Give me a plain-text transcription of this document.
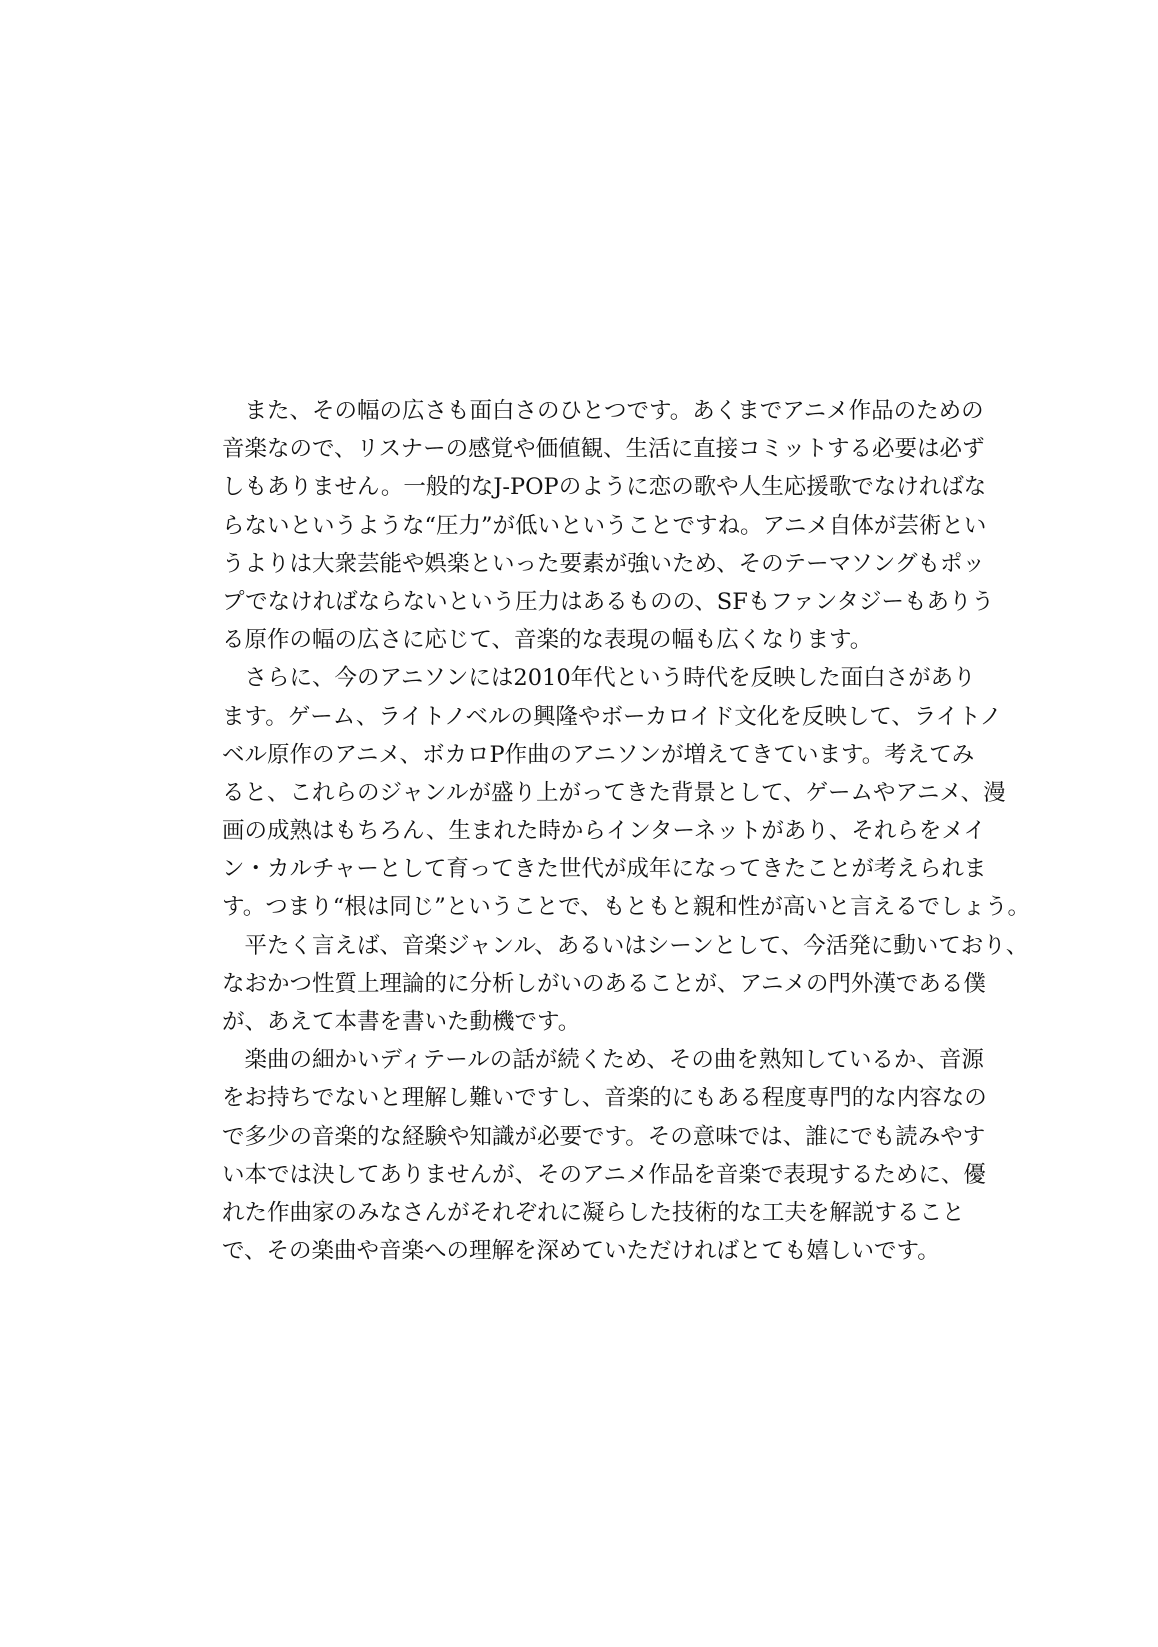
　また、その幅の広さも面白さのひとつです。あくまでアニメ作品のための
音楽なので、リスナーの感覚や価値観、生活に直接コミットする必要は必ず
しもありません。一般的なJ-POPのように恋の歌や人生応援歌でなければな
らないというような“圧力”が低いということですね。アニメ自体が芸術とい
うよりは大衆芸能や娯楽といった要素が強いため、そのテーマソングもポッ
プでなければならないという圧力はあるものの、SFもファンタジーもありう
る原作の幅の広さに応じて、音楽的な表現の幅も広くなります。
　さらに、今のアニソンには2010年代という時代を反映した面白さがあり
ます。ゲーム、ライトノベルの興隆やボーカロイド文化を反映して、ライトノ
ベル原作のアニメ、ボカロP作曲のアニソンが増えてきています。考えてみ
ると、これらのジャンルが盛り上がってきた背景として、ゲームやアニメ、漫
画の成熟はもちろん、生まれた時からインターネットがあり、それらをメイ
ン・カルチャーとして育ってきた世代が成年になってきたことが考えられま
す。つまり“根は同じ”ということで、もともと親和性が高いと言えるでしょう。
　平たく言えば、音楽ジャンル、あるいはシーンとして、今活発に動いており、
なおかつ性質上理論的に分析しがいのあることが、アニメの門外漢である僕
が、あえて本書を書いた動機です。
　楽曲の細かいディテールの話が続くため、その曲を熟知しているか、音源
をお持ちでないと理解し難いですし、音楽的にもある程度専門的な内容なの
で多少の音楽的な経験や知識が必要です。その意味では、誰にでも読みやす
い本では決してありませんが、そのアニメ作品を音楽で表現するために、優
れた作曲家のみなさんがそれぞれに凝らした技術的な工夫を解説すること
で、その楽曲や音楽への理解を深めていただければとても嬉しいです。
